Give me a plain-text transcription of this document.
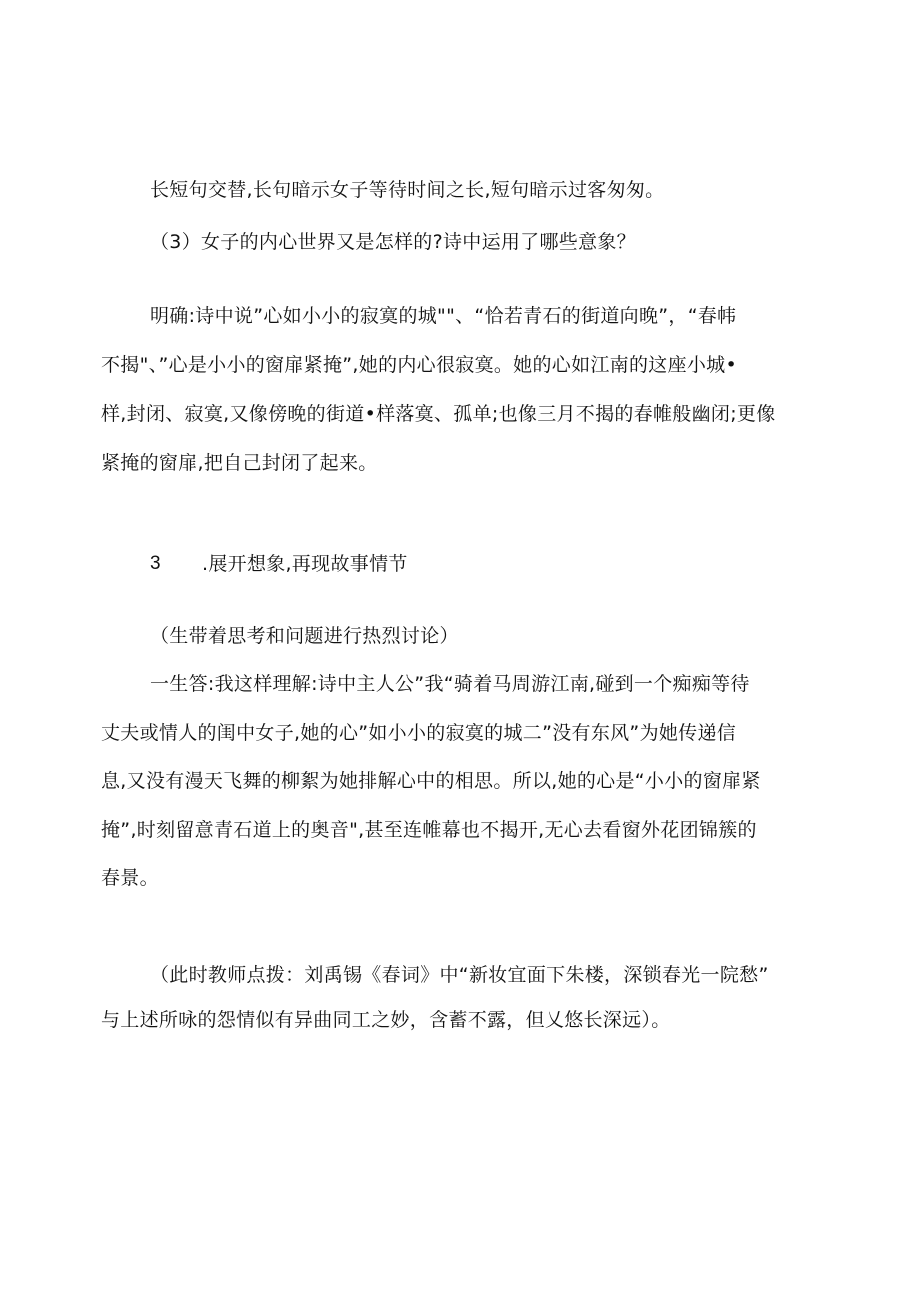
长短句交替,长句暗示女子等待时间之长,短句暗示过客匆匆。
（3）女子的内心世界又是怎样的?诗中运用了哪些意象？
明确:诗中说”心如小小的寂寞的城""、“恰若青石的街道向晚”，“春帏
不揭"、”心是小小的窗扉紧掩”,她的内心很寂寞。她的心如江南的这座小城•
样,封闭、寂寞,又像傍晚的街道•样落寞、孤单;也像三月不揭的春帷般幽闭;更像
紧掩的窗扉,把自己封闭了起来。
3 .展开想象,再现故事情节
（生带着思考和问题进行热烈讨论）
一生答:我这样理解:诗中主人公”我“骑着马周游江南,碰到一个痴痴等待
丈夫或情人的闺中女子,她的心”如小小的寂寞的城二”没有东风”为她传递信
息,又没有漫天飞舞的柳絮为她排解心中的相思。所以,她的心是“小小的窗扉紧
掩”,时刻留意青石道上的奥音",甚至连帷幕也不揭开,无心去看窗外花团锦簇的
春景。
（此时教师点拨：刘禹锡《春词》中“新妆宜面下朱楼，深锁春光一院愁”
与上述所咏的怨情似有异曲同工之妙，含蓄不露，但乂悠长深远）。
